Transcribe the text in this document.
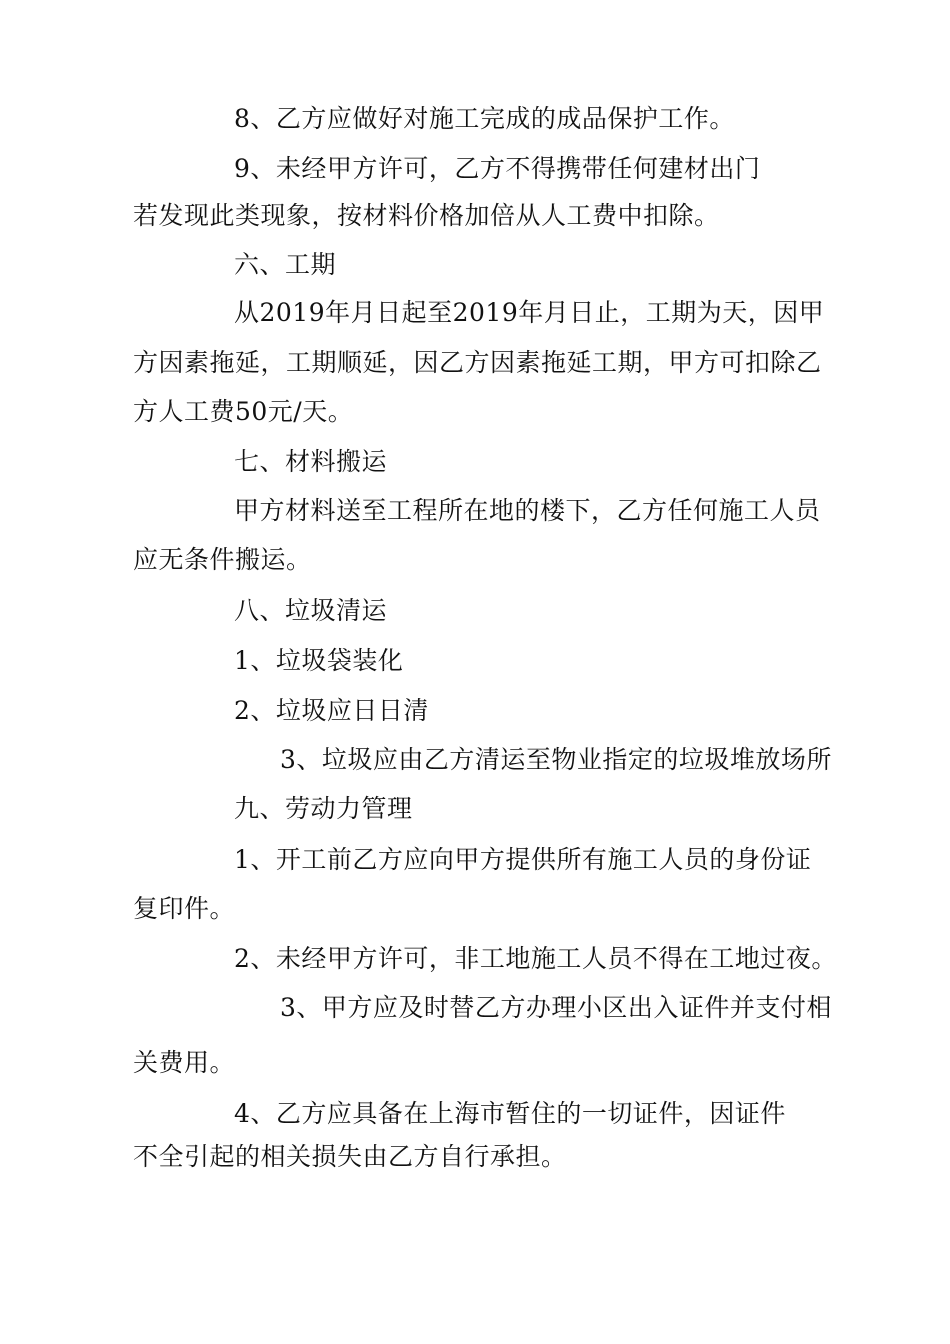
8、乙方应做好对施工完成的成品保护工作。
9、未经甲方许可，乙方不得携带任何建材出门
若发现此类现象，按材料价格加倍从人工费中扣除。
六、工期
从2019年月日起至2019年月日止，工期为天，因甲
方因素拖延，工期顺延，因乙方因素拖延工期，甲方可扣除乙
方人工费50元/天。
七、材料搬运
甲方材料送至工程所在地的楼下，乙方任何施工人员
应无条件搬运。
八、垃圾清运
1、垃圾袋装化
2、垃圾应日日清
3、垃圾应由乙方清运至物业指定的垃圾堆放场所
九、劳动力管理
1、开工前乙方应向甲方提供所有施工人员的身份证
复印件。
2、未经甲方许可，非工地施工人员不得在工地过夜。
3、甲方应及时替乙方办理小区出入证件并支付相
关费用。
4、乙方应具备在上海市暂住的一切证件，因证件
不全引起的相关损失由乙方自行承担。
